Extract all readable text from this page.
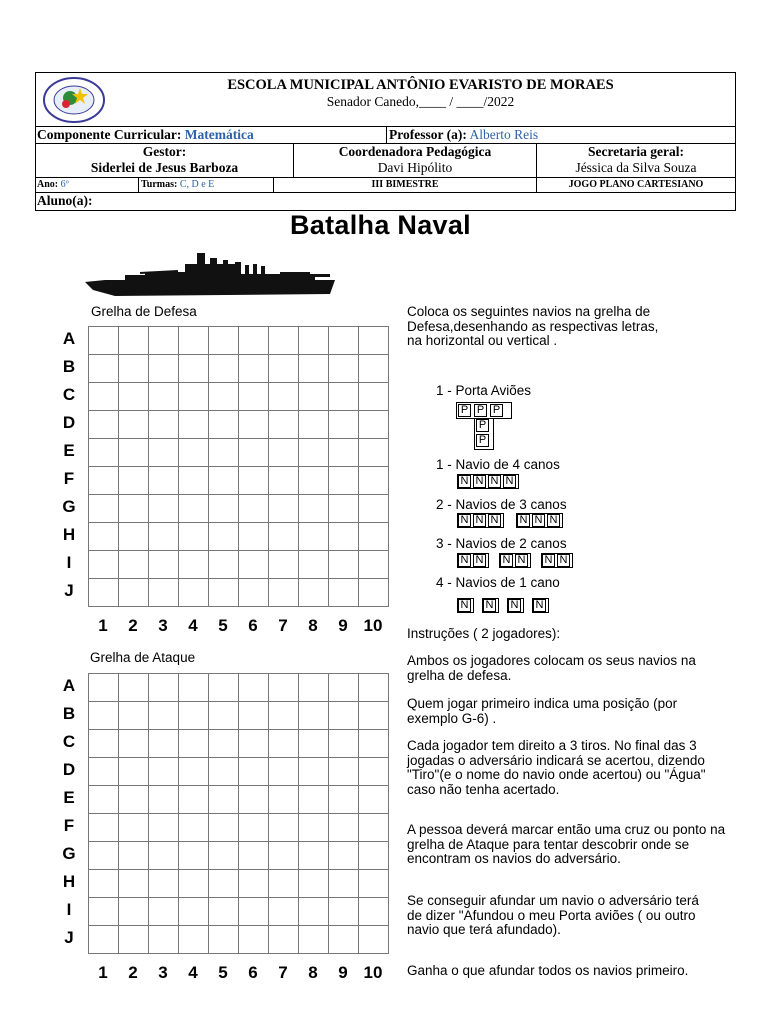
ESCOLA MUNICIPAL ANTÔNIO EVARISTO DE MORAES
Senador Canedo,____ / ____/2022
Componente Curricular: Matemática	Professor (a): Alberto Reis
Gestor:
Siderlei de Jesus Barboza
Coordenadora Pedagógica
Davi Hipólito
Secretaria geral:
Jéssica da Silva Souza
Ano: 6º	Turmas: C, D e E	III BIMESTRE	JOGO PLANO CARTESIANO
Aluno(a):
Batalha Naval
Grelha de Defesa

A
B
C
D
E
F
G
H
I
J
1	2	3	4	5	6	7	8	9 10
Grelha de Ataque

A
B
C
D
E
F
G
H
I
J
1	2	3	4	5	6	7	8	9 10
Coloca os seguintes navios na grelha de Defesa,desenhando as respectivas letras, na horizontal ou vertical .
1 - Porta Aviões
P P P
P
P
1 - Navio de 4 canos
N N N N
2 - Navios de 3 canos
N N N N N N
3 - Navios de 2 canos
N N N N N N
4 - Navios de 1 cano
N N N N
Instruções ( 2 jogadores):
Ambos os jogadores colocam os seus navios na grelha de defesa.
Quem jogar primeiro indica uma posição (por exemplo G-6) .
Cada jogador tem direito a 3 tiros. No final das 3 jogadas o adversário indicará se acertou, dizendo "Tiro"(e o nome do navio onde acertou) ou "Água" caso não tenha acertado.
A pessoa deverá marcar então uma cruz ou ponto na grelha de Ataque para tentar descobrir onde se encontram os navios do adversário.
Se conseguir afundar um navio o adversário terá de dizer "Afundou o meu Porta aviões ( ou outro navio que terá afundado).
Ganha o que afundar todos os navios primeiro.
